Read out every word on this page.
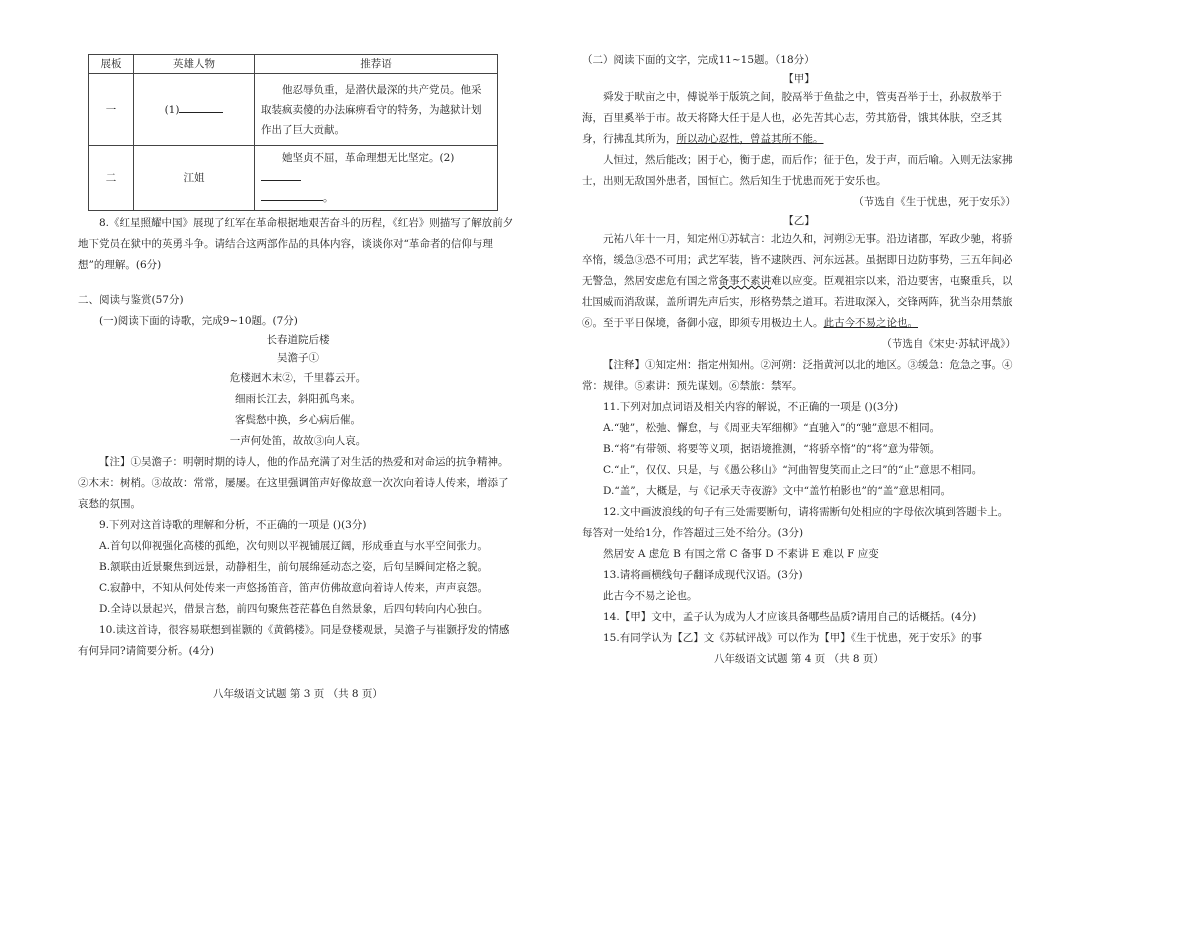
展板	英雄人物	推荐语
一	(1)	他忍辱负重，是潜伏最深的共产党员。他采取装疯卖傻的办法麻痹看守的特务，为越狱计划作出了巨大贡献。
二	江姐	她坚贞不屈，革命理想无比坚定。(2)
。

8.《红星照耀中国》展现了红军在革命根据地艰苦奋斗的历程，《红岩》则描写了解放前夕地下党员在狱中的英勇斗争。请结合这两部作品的具体内容，谈谈你对“革命者的信仰与理想”的理解。(6分)

二、阅读与鉴赏(57分)

(一)阅读下面的诗歌，完成9~10题。(7分)

长春道院后楼

吴澹子①

危楼迥木末②，千里暮云开。

细雨长江去，斜阳孤鸟来。

客鬓愁中换，乡心病后催。

一声何处笛，故故③向人哀。

【注】①吴澹子：明朝时期的诗人，他的作品充满了对生活的热爱和对命运的抗争精神。②木末：树梢。③故故：常常，屡屡。在这里强调笛声好像故意一次次向着诗人传来，增添了哀愁的氛围。

9.下列对这首诗歌的理解和分析，不正确的一项是 ()(3分)

A.首句以仰视强化高楼的孤绝，次句则以平视铺展辽阔，形成垂直与水平空间张力。

B.颔联由近景聚焦到远景，动静相生，前句展绵延动态之姿，后句呈瞬间定格之貌。

C.寂静中，不知从何处传来一声悠扬笛音，笛声仿佛故意向着诗人传来，声声哀怨。

D.全诗以景起兴，借景言愁，前四句聚焦苍茫暮色自然景象，后四句转向内心独白。

10.读这首诗，很容易联想到崔颢的《黄鹤楼》。同是登楼观景，吴澹子与崔颢抒发的情感有何异同?请简要分析。(4分)

八年级语文试题 第 3 页 （共 8 页）

（二）阅读下面的文字，完成11~15题。（18分）

【甲】

舜发于畎亩之中，傅说举于版筑之间，胶鬲举于鱼盐之中，管夷吾举于士，孙叔敖举于海，百里奚举于市。故天将降大任于是人也，必先苦其心志，劳其筋骨，饿其体肤，空乏其身，行拂乱其所为，所以动心忍性，曾益其所不能。

人恒过，然后能改；困于心，衡于虑，而后作；征于色，发于声，而后喻。入则无法家拂士，出则无敌国外患者，国恒亡。然后知生于忧患而死于安乐也。

（节选自《生于忧患，死于安乐》）

【乙】

元祐八年十一月，知定州①苏轼言：北边久和，河朔②无事。沿边诸郡，军政少驰，将骄卒惰，缓急③恐不可用；武艺军装，皆不逮陕西、河东远甚。虽据即日边防事势，三五年间必无警急，然居安虑危有国之常备事不素讲难以应变。臣观祖宗以来，沿边要害，屯聚重兵，以壮国威而消敌谋，盖所谓先声后实，形格势禁之道耳。若进取深入，交锋两阵，犹当杂用禁旅⑥。至于平日保境，备御小寇，即须专用极边土人。此古今不易之论也。

（节选自《宋史·苏轼评战》）

【注释】①知定州：指定州知州。②河朔：泛指黄河以北的地区。③缓急：危急之事。④常：规律。⑤素讲：预先谋划。⑥禁旅：禁军。

11.下列对加点词语及相关内容的解说，不正确的一项是 ()(3分)

A.“驰”，松弛、懈怠，与《周亚夫军细柳》“直驰入”的“驰”意思不相同。

B.“将”有带领、将要等义项，据语境推测，“将骄卒惰”的“将”意为带领。

C.“止”，仅仅、只是，与《愚公移山》“河曲智叟笑而止之曰”的“止”意思不相同。

D.“盖”，大概是，与《记承天寺夜游》文中“盖竹柏影也”的“盖”意思相同。

12.文中画波浪线的句子有三处需要断句，请将需断句处相应的字母依次填到答题卡上。每答对一处给1分，作答超过三处不给分。(3分)

然居安 A 虑危 B 有国之常 C 备事 D 不素讲 E 难以 F 应变

13.请将画横线句子翻译成现代汉语。(3分)

此古今不易之论也。

14.【甲】文中，孟子认为成为人才应该具备哪些品质?请用自己的话概括。(4分)

15.有同学认为【乙】文《苏轼评战》可以作为【甲】《生于忧患，死于安乐》的事

八年级语文试题 第 4 页 （共 8 页）
